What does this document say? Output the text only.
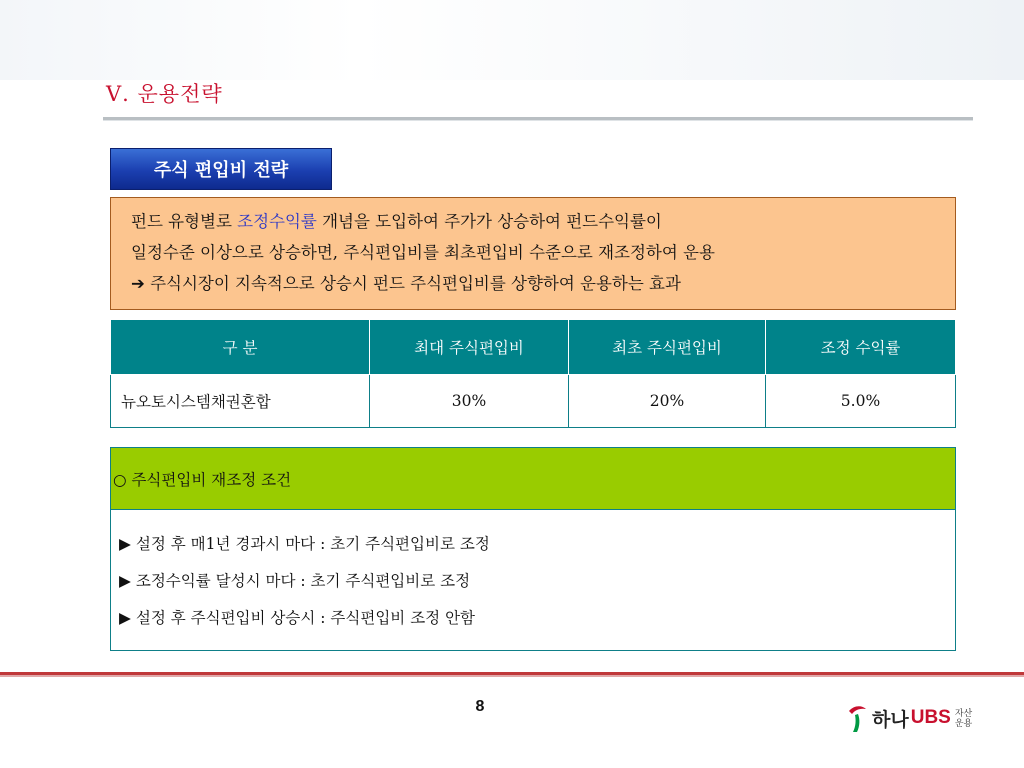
Ⅴ. 운용전략
주식 편입비 전략
펀드 유형별로 조정수익률 개념을 도입하여 주가가 상승하여 펀드수익률이
일정수준 이상으로 상승하면, 주식편입비를 최초편입비 수준으로 재조정하여 운용
➔ 주식시장이 지속적으로 상승시 펀드 주식편입비를 상향하여 운용하는 효과
구 분	최대 주식편입비	최초 주식편입비	조정 수익률
뉴오토시스템채권혼합	30%	20%	5.0%
○ 주식편입비 재조정 조건
▶ 설정 후 매1년 경과시 마다 : 초기 주식편입비로 조정
▶ 조정수익률 달성시 마다 : 초기 주식편입비로 조정
▶ 설정 후 주식편입비 상승시 : 주식편입비 조정 안함
8
하나 UBS 자산
운용
